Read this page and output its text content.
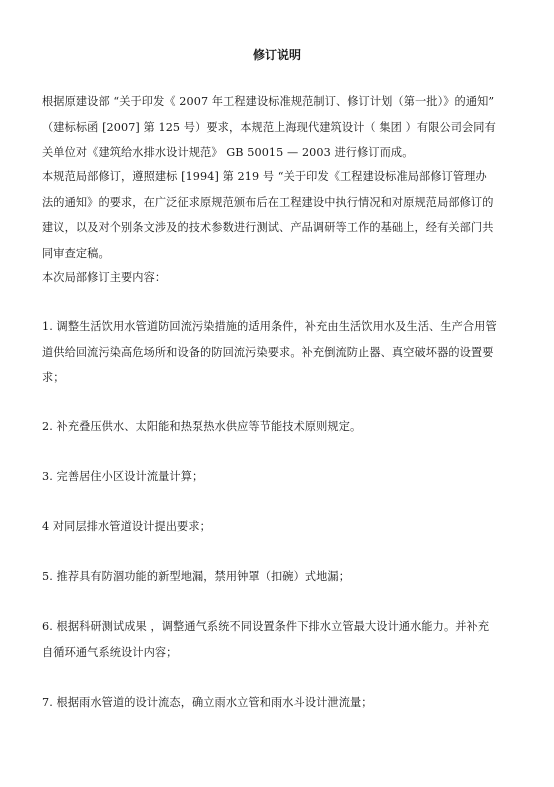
修订说明
根据原建设部 “关于印发《 2007 年工程建设标准规范制订、修订计划（第一批）》的通知”
（建标标函 [2007] 第 125 号）要求，本规范上海现代建筑设计（ 集团 ）有限公司会同有
关单位对《建筑给水排水设计规范》 GB 50015 — 2003 进行修订而成。
本规范局部修订，遵照建标 [1994] 第 219 号 “关于印发《工程建设标准局部修订管理办
法的通知》的要求，在广泛征求原规范颁布后在工程建设中执行情况和对原规范局部修订的
建议，以及对个别条文涉及的技术参数进行测试、产品调研等工作的基础上，经有关部门共
同审查定稿。
本次局部修订主要内容：
1. 调整生活饮用水管道防回流污染措施的适用条件，补充由生活饮用水及生活、生产合用管
道供给回流污染高危场所和设备的防回流污染要求。补充倒流防止器、真空破坏器的设置要
求；
2. 补充叠压供水、太阳能和热泵热水供应等节能技术原则规定。
3. 完善居住小区设计流量计算；
4 对同层排水管道设计提出要求；
5. 推荐具有防涸功能的新型地漏，禁用钟罩（扣碗）式地漏；
6. 根据科研测试成果 ，调整通气系统不同设置条件下排水立管最大设计通水能力。并补充
自循环通气系统设计内容；
7. 根据雨水管道的设计流态，确立雨水立管和雨水斗设计泄流量；
